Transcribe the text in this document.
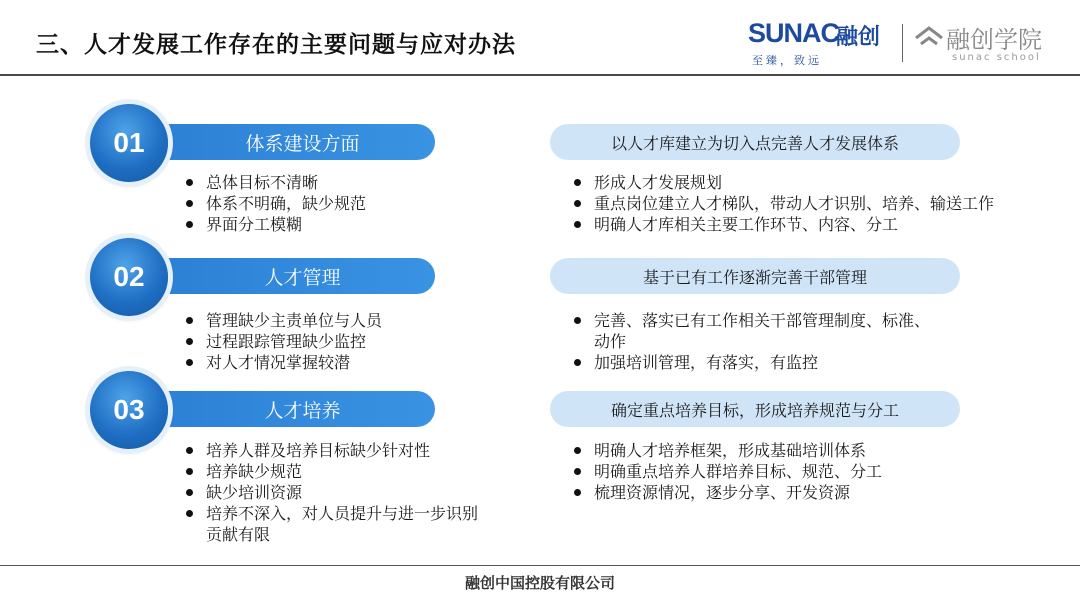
三、人才发展工作存在的主要问题与应对办法	SUNAC
融创
至臻，致远
融创学院
sunac school
01	体系建设方面
总体目标不清晰
体系不明确，缺少规范
界面分工模糊
以人才库建立为切入点完善人才发展体系
形成人才发展规划
重点岗位建立人才梯队，带动人才识别、培养、输送工作
明确人才库相关主要工作环节、内容、分工
02	人才管理
管理缺少主责单位与人员
过程跟踪管理缺少监控
对人才情况掌握较潜
基于已有工作逐渐完善干部管理
完善、落实已有工作相关干部管理制度、标准、动作
加强培训管理，有落实，有监控
03	人才培养
培养人群及培养目标缺少针对性
培养缺少规范
缺少培训资源
培养不深入，对人员提升与进一步识别贡献有限
确定重点培养目标，形成培养规范与分工
明确人才培养框架，形成基础培训体系
明确重点培养人群培养目标、规范、分工
梳理资源情况，逐步分享、开发资源
融创中国控股有限公司
